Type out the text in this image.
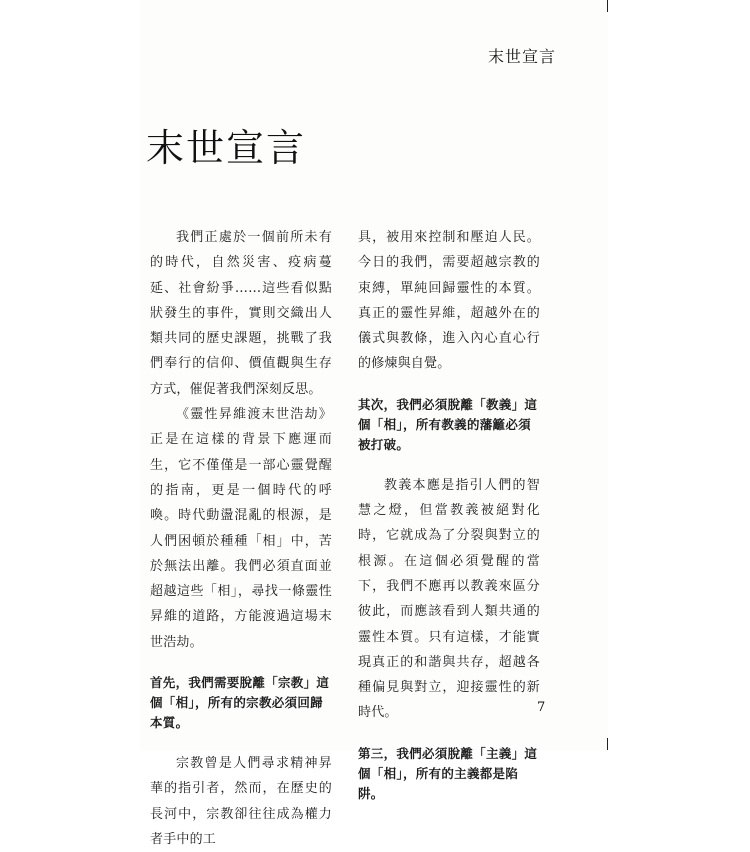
末世宣言
末世宣言

我們正處於一個前所未有的時代，自然災害、疫病蔓延、社會紛爭……這些看似點狀發生的事件，實則交織出人類共同的歷史課題，挑戰了我們奉行的信仰、價值觀與生存方式，催促著我們深刻反思。

《靈性昇維渡末世浩劫》正是在這樣的背景下應運而生，它不僅僅是一部心靈覺醒的指南，更是一個時代的呼喚。時代動盪混亂的根源，是人們困頓於種種「相」中，苦於無法出離。我們必須直面並超越這些「相」，尋找一條靈性昇維的道路，方能渡過這場末世浩劫。

首先，我們需要脫離「宗教」這個「相」，所有的宗教必須回歸本質。

宗教曾是人們尋求精神昇華的指引者，然而，在歷史的長河中，宗教卻往往成為權力者手中的工

具，被用來控制和壓迫人民。今日的我們，需要超越宗教的束縛，單純回歸靈性的本質。真正的靈性昇維，超越外在的儀式與教條，進入內心直心行的修煉與自覺。

其次，我們必須脫離「教義」這個「相」，所有教義的藩籬必須被打破。

教義本應是指引人們的智慧之燈，但當教義被絕對化時，它就成為了分裂與對立的根源。在這個必須覺醒的當下，我們不應再以教義來區分彼此，而應該看到人類共通的靈性本質。只有這樣，才能實現真正的和諧與共存，超越各種偏見與對立，迎接靈性的新時代。

第三，我們必須脫離「主義」這個「相」，所有的主義都是陷阱。

7
